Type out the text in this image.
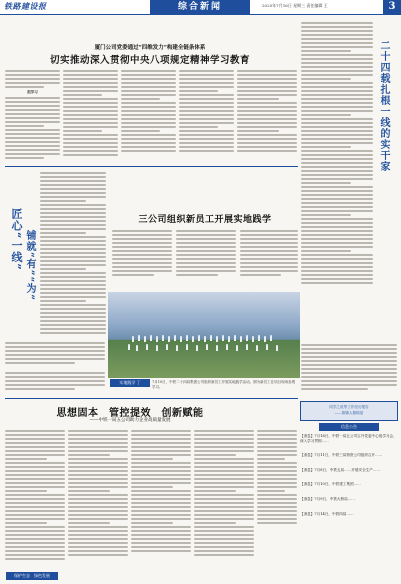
铁路建设报	综合新闻	2025年7月16日 星期三 责任编辑 王	3
厦门公司党委通过“四维发力”构建全链条体系
切实推动深入贯彻中央八项规定精神学习教育
抓学习	二十四载扎根一线的实干家
匠心“一线” 铺就“有”“为”
三公司组织新员工开展实地践学
7月10日，中铁二十四局集团公司组织新员工开展实地践学活动。图为新员工在项目现场参观学习。
实地践学 丁
同学之说等工作经历报告
——陈锦人陈锦星
思想固本　管控提效　创新赋能
——中铁一局五公司助力企业高质量发展
信息公告
【消息】7月16日，中铁一局五公司召开党委中心组学习会，深入学习贯彻……
【消息】7月11日，中铁三局物资公司组织召开……
【消息】7月8日，中铁五局……开展安全生产……
【消息】7月10日，中铁建工集团……
【消息】7月9日，中铁大桥局……
【消息】7月14日，中铁四局……
保护生态　绿色发展
